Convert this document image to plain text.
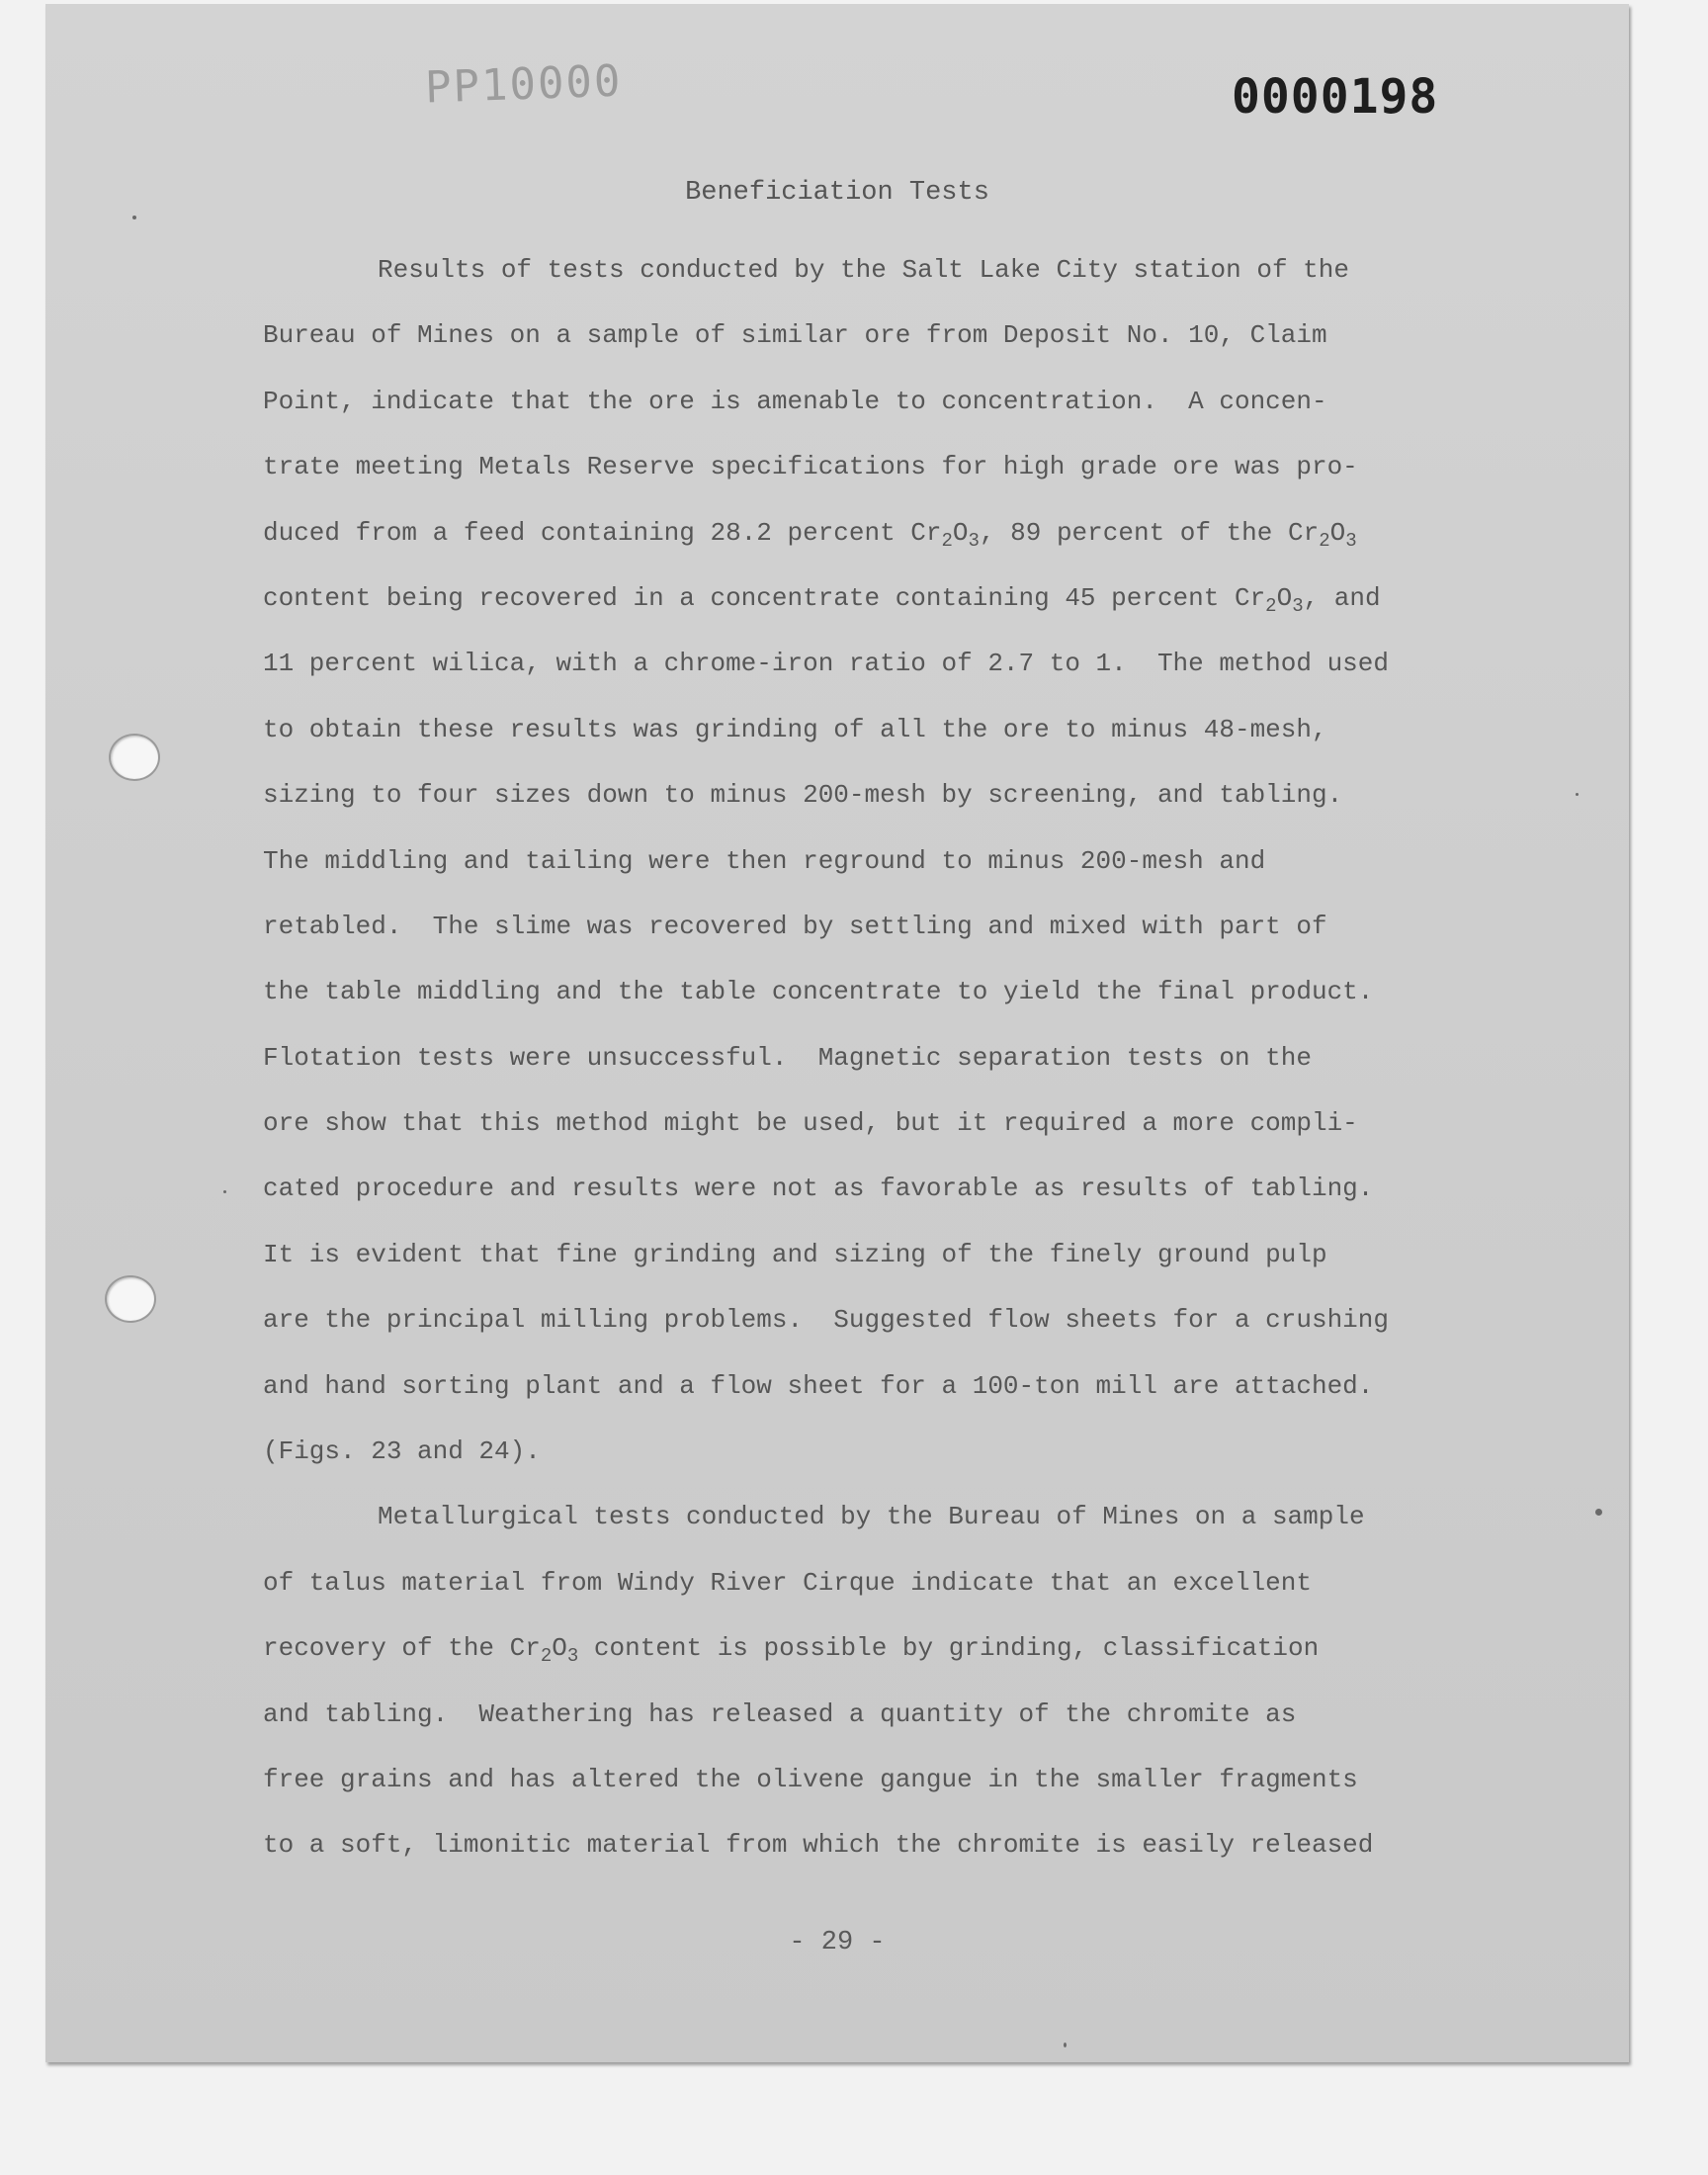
PP10000	0000198
Beneficiation Tests
Results of tests conducted by the Salt Lake City station of the
Bureau of Mines on a sample of similar ore from Deposit No. 10, Claim
Point, indicate that the ore is amenable to concentration.  A concen-
trate meeting Metals Reserve specifications for high grade ore was pro-
duced from a feed containing 28.2 percent $Cr_2O_3$, 89 percent of the $Cr_2O_3$
content being recovered in a concentrate containing 45 percent $Cr_2O_3$, and
11 percent wilica, with a chrome-iron ratio of 2.7 to 1.  The method used
to obtain these results was grinding of all the ore to minus 48-mesh,
sizing to four sizes down to minus 200-mesh by screening, and tabling.
The middling and tailing were then reground to minus 200-mesh and
retabled.  The slime was recovered by settling and mixed with part of
the table middling and the table concentrate to yield the final product.
Flotation tests were unsuccessful.  Magnetic separation tests on the
ore show that this method might be used, but it required a more compli-
cated procedure and results were not as favorable as results of tabling.
It is evident that fine grinding and sizing of the finely ground pulp
are the principal milling problems.  Suggested flow sheets for a crushing
and hand sorting plant and a flow sheet for a 100-ton mill are attached.
(Figs. 23 and 24).
Metallurgical tests conducted by the Bureau of Mines on a sample
of talus material from Windy River Cirque indicate that an excellent
recovery of the $Cr_2O_3$ content is possible by grinding, classification
and tabling.  Weathering has released a quantity of the chromite as
free grains and has altered the olivene gangue in the smaller fragments
to a soft, limonitic material from which the chromite is easily released
- 29 -
